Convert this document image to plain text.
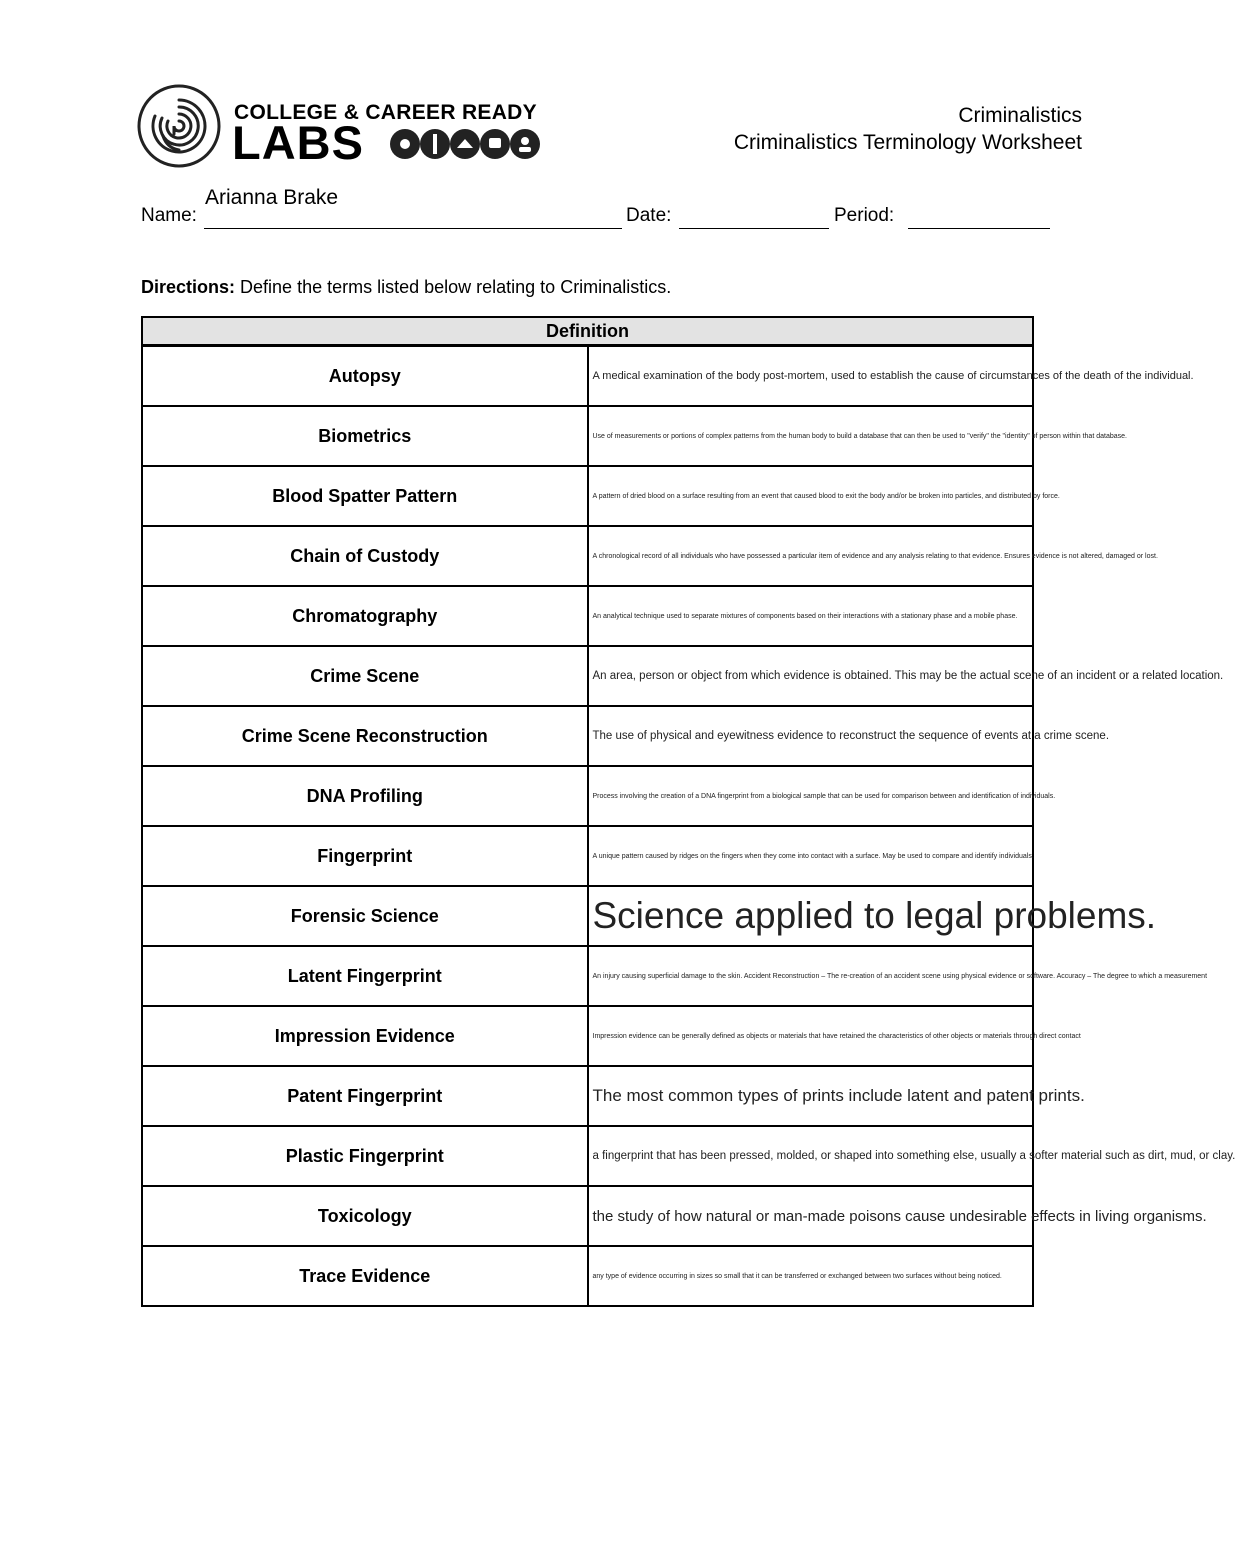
COLLEGE & CAREER READY
LABS
Criminalistics
Criminalistics Terminology Worksheet
Arianna Brake
Name:	Date:	Period:
Directions: Define the terms listed below relating to Criminalistics.
Definition	
Autopsy	A medical examination of the body post-mortem, used to establish the cause of circumstances of the death of the individual.

Biometrics	Use of measurements or portions of complex patterns from the human body to build a database that can then be used to "verify" the "identity" of person within that database.

Blood Spatter Pattern	A pattern of dried blood on a surface resulting from an event that caused blood to exit the body and/or be broken into particles, and distributed by force.

Chain of Custody	A chronological record of all individuals who have possessed a particular item of evidence and any analysis relating to that evidence. Ensures evidence is not altered, damaged or lost.

Chromatography	An analytical technique used to separate mixtures of components based on their interactions with a stationary phase and a mobile phase.

Crime Scene	An area, person or object from which evidence is obtained. This may be the actual scene of an incident or a related location.

Crime Scene Reconstruction	The use of physical and eyewitness evidence to reconstruct the sequence of events at a crime scene.

DNA Profiling	Process involving the creation of a DNA fingerprint from a biological sample that can be used for comparison between and identification of individuals.

Fingerprint	A unique pattern caused by ridges on the fingers when they come into contact with a surface. May be used to compare and identify individuals.

Forensic Science	Science applied to legal problems.

Latent Fingerprint	An injury causing superficial damage to the skin. Accident Reconstruction – The re-creation of an accident scene using physical evidence or software. Accuracy – The degree to which a measurement

Impression Evidence	Impression evidence can be generally defined as objects or materials that have retained the characteristics of other objects or materials through direct contact

Patent Fingerprint	The most common types of prints include latent and patent prints.

Plastic Fingerprint	a fingerprint that has been pressed, molded, or shaped into something else, usually a softer material such as dirt, mud, or clay.

Toxicology	the study of how natural or man-made poisons cause undesirable effects in living organisms.

Trace Evidence	any type of evidence occurring in sizes so small that it can be transferred or exchanged between two surfaces without being noticed.
